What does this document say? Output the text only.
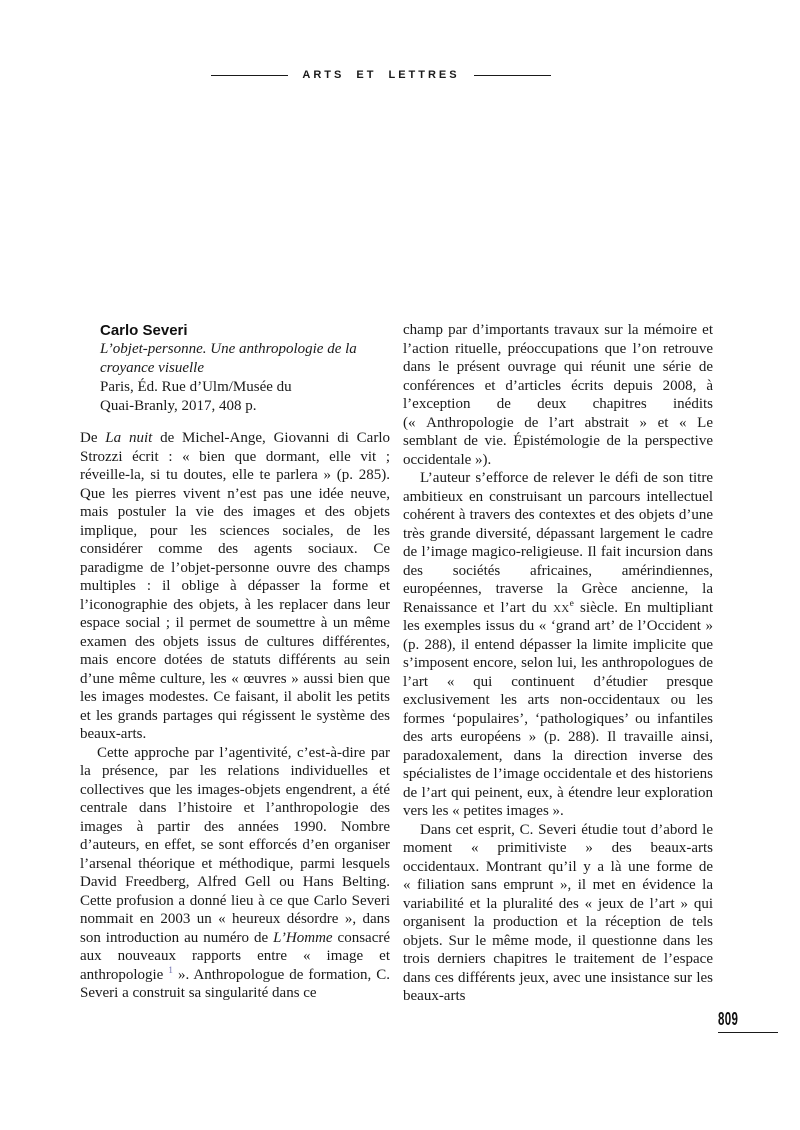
ARTS ET LETTRES
Carlo Severi
L’objet-personne. Une anthropologie de la
croyance visuelle
Paris, Éd. Rue d’Ulm/Musée du
Quai-Branly, 2017, 408 p.

De La nuit de Michel-Ange, Giovanni di Carlo Strozzi écrit : « bien que dormant, elle vit ; réveille-la, si tu doutes, elle te parlera » (p. 285). Que les pierres vivent n’est pas une idée neuve, mais postuler la vie des images et des objets implique, pour les sciences sociales, de les considérer comme des agents sociaux. Ce paradigme de l’objet-personne ouvre des champs multiples : il oblige à dépasser la forme et l’iconographie des objets, à les replacer dans leur espace social ; il permet de soumettre à un même examen des objets issus de cultures différentes, mais encore dotées de statuts différents au sein d’une même culture, les « œuvres » aussi bien que les images modestes. Ce faisant, il abolit les petits et les grands partages qui régissent le système des beaux-arts.

Cette approche par l’agentivité, c’est-à-dire par la présence, par les relations individuelles et collectives que les images-objets engendrent, a été centrale dans l’histoire et l’anthropologie des images à partir des années 1990. Nombre d’auteurs, en effet, se sont efforcés d’en organiser l’arsenal théorique et méthodique, parmi lesquels David Freedberg, Alfred Gell ou Hans Belting. Cette profusion a donné lieu à ce que Carlo Severi nommait en 2003 un « heureux désordre », dans son introduction au numéro de L’Homme consacré aux nouveaux rapports entre « image et anthropologie $^1$ ». Anthropologue de formation, C. Severi a construit sa singularité dans ce

champ par d’importants travaux sur la mémoire et l’action rituelle, préoccupations que l’on retrouve dans le présent ouvrage qui réunit une série de conférences et d’articles écrits depuis 2008, à l’exception de deux chapitres inédits (« Anthropologie de l’art abstrait » et « Le semblant de vie. Épistémologie de la perspective occidentale »).

L’auteur s’efforce de relever le défi de son titre ambitieux en construisant un parcours intellectuel cohérent à travers des contextes et des objets d’une très grande diversité, dépassant largement le cadre de l’image magico-religieuse. Il fait incursion dans des sociétés africaines, amérindiennes, européennes, traverse la Grèce ancienne, la Renaissance et l’art du $xx^e$ siècle. En multipliant les exemples issus du « ‘grand art’ de l’Occident » (p. 288), il entend dépasser la limite implicite que s’imposent encore, selon lui, les anthropologues de l’art « qui continuent d’étudier presque exclusivement les arts non-occidentaux ou les formes ‘populaires’, ‘pathologiques’ ou infantiles des arts européens » (p. 288). Il travaille ainsi, paradoxalement, dans la direction inverse des spécialistes de l’image occidentale et des historiens de l’art qui peinent, eux, à étendre leur exploration vers les « petites images ».

Dans cet esprit, C. Severi étudie tout d’abord le moment « primitiviste » des beaux-arts occidentaux. Montrant qu’il y a là une forme de « filiation sans emprunt », il met en évidence la variabilité et la pluralité des « jeux de l’art » qui organisent la production et la réception de tels objets. Sur le même mode, il questionne dans les trois derniers chapitres le traitement de l’espace dans ces différents jeux, avec une insistance sur les beaux-arts

809
